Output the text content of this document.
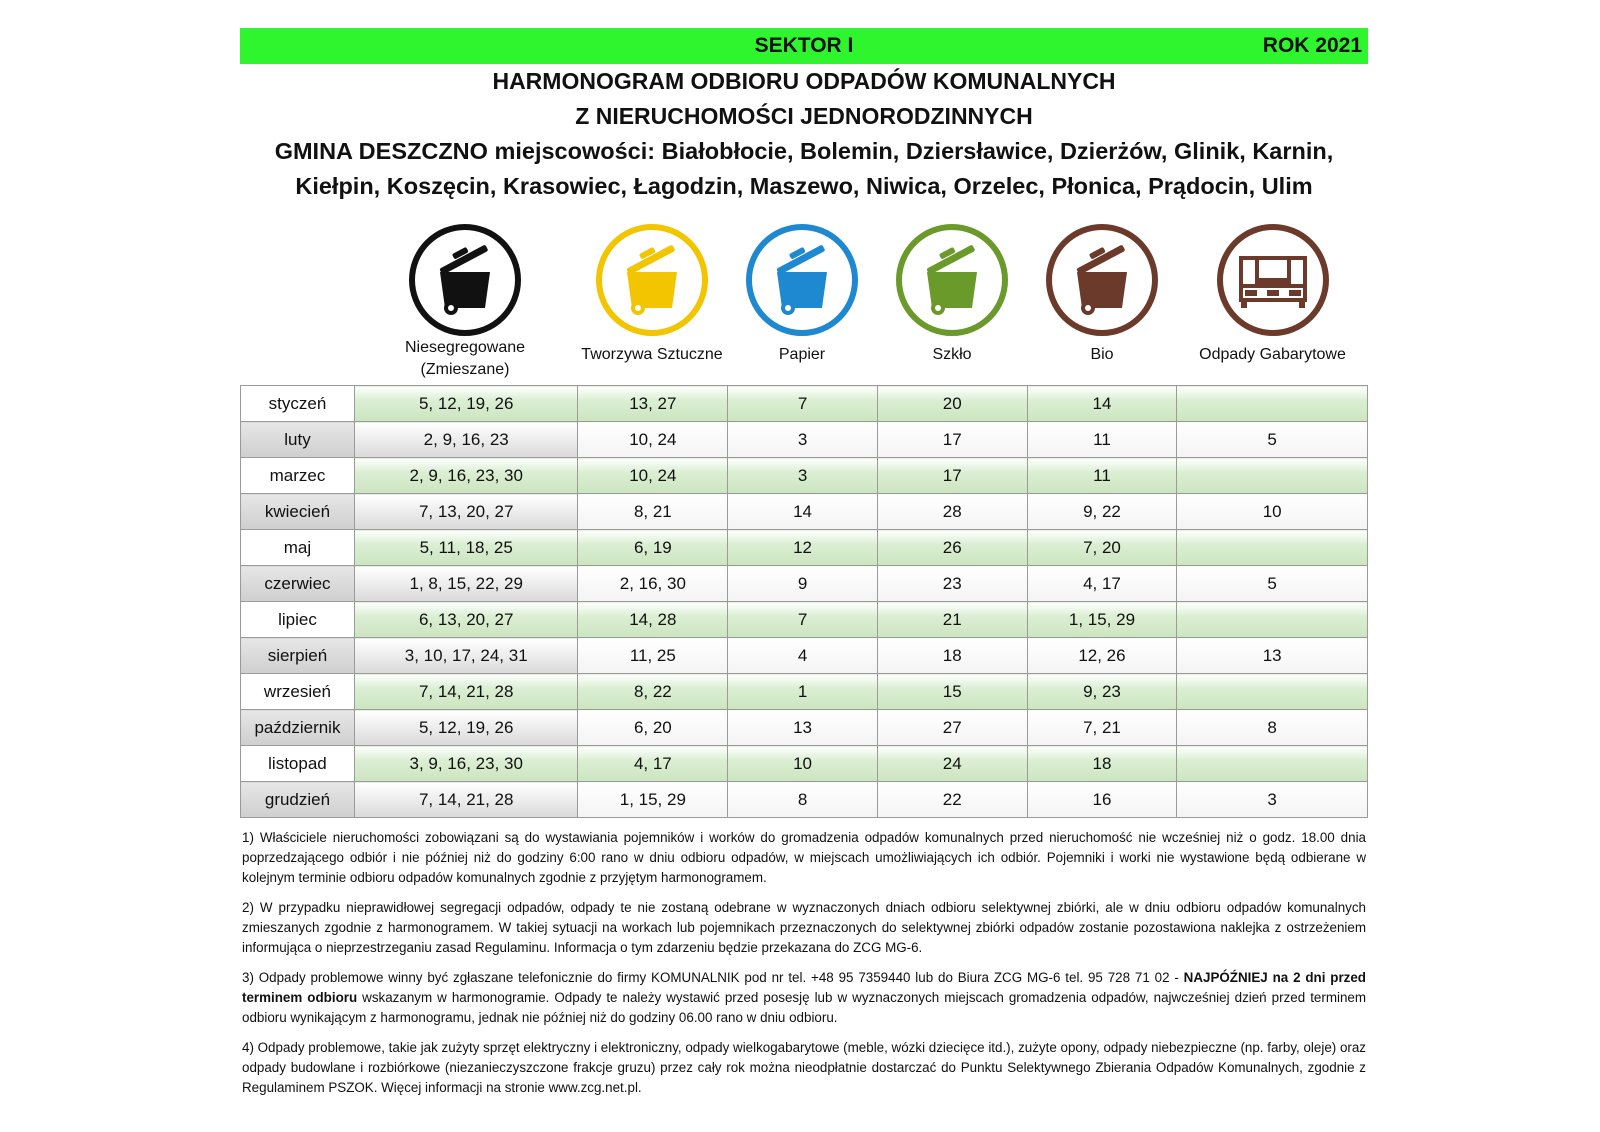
SEKTOR I	ROK 2021
HARMONOGRAM ODBIORU ODPADÓW KOMUNALNYCH
Z NIERUCHOMOŚCI JEDNORODZINNYCH
GMINA DESZCZNO miejscowości: Białobłocie, Bolemin, Dziersławice, Dzierżów, Glinik, Karnin,
Kiełpin, Koszęcin, Krasowiec, Łagodzin, Maszewo, Niwica, Orzelec, Płonica, Prądocin, Ulim
Niesegregowane
(Zmieszane)
Tworzywa Sztuczne	Papier	Szkło	Bio	Odpady Gabarytowe
styczeń	5, 12, 19, 26	13, 27	7	20	14	
luty	2, 9, 16, 23	10, 24	3	17	11	5
marzec	2, 9, 16, 23, 30	10, 24	3	17	11	
kwiecień	7, 13, 20, 27	8, 21	14	28	9, 22	10
maj	5, 11, 18, 25	6, 19	12	26	7, 20	
czerwiec	1, 8, 15, 22, 29	2, 16, 30	9	23	4, 17	5
lipiec	6, 13, 20, 27	14, 28	7	21	1, 15, 29	
sierpień	3, 10, 17, 24, 31	11, 25	4	18	12, 26	13
wrzesień	7, 14, 21, 28	8, 22	1	15	9, 23	
październik	5, 12, 19, 26	6, 20	13	27	7, 21	8
listopad	3, 9, 16, 23, 30	4, 17	10	24	18	
grudzień	7, 14, 21, 28	1, 15, 29	8	22	16	3

1) Właściciele nieruchomości zobowiązani są do wystawiania pojemników i worków do gromadzenia odpadów komunalnych przed nieruchomość nie wcześniej niż o godz. 18.00 dnia poprzedzającego odbiór i nie później niż do godziny 6:00 rano w dniu odbioru odpadów, w miejscach umożliwiających ich odbiór. Pojemniki i worki nie wystawione będą odbierane w kolejnym terminie odbioru odpadów komunalnych zgodnie z przyjętym harmonogramem.

2) W przypadku nieprawidłowej segregacji odpadów, odpady te nie zostaną odebrane w wyznaczonych dniach odbioru selektywnej zbiórki, ale w dniu odbioru odpadów komunalnych zmieszanych zgodnie z harmonogramem. W takiej sytuacji na workach lub pojemnikach przeznaczonych do selektywnej zbiórki odpadów zostanie pozostawiona naklejka z ostrzeżeniem informująca o nieprzestrzeganiu zasad Regulaminu. Informacja o tym zdarzeniu będzie przekazana do ZCG MG-6.

3) Odpady problemowe winny być zgłaszane telefonicznie do firmy KOMUNALNIK pod nr tel. +48 95 7359440 lub do Biura ZCG MG-6 tel. 95 728 71 02 - NAJPÓŹNIEJ na 2 dni przed terminem odbioru wskazanym w harmonogramie. Odpady te należy wystawić przed posesję lub w wyznaczonych miejscach gromadzenia odpadów, najwcześniej dzień przed terminem odbioru wynikającym z harmonogramu, jednak nie później niż do godziny 06.00 rano w dniu odbioru.

4) Odpady problemowe, takie jak zużyty sprzęt elektryczny i elektroniczny, odpady wielkogabarytowe (meble, wózki dziecięce itd.), zużyte opony, odpady niebezpieczne (np. farby, oleje) oraz odpady budowlane i rozbiórkowe (niezanieczyszczone frakcje gruzu) przez cały rok można nieodpłatnie dostarczać do Punktu Selektywnego Zbierania Odpadów Komunalnych, zgodnie z Regulaminem PSZOK. Więcej informacji na stronie www.zcg.net.pl.
